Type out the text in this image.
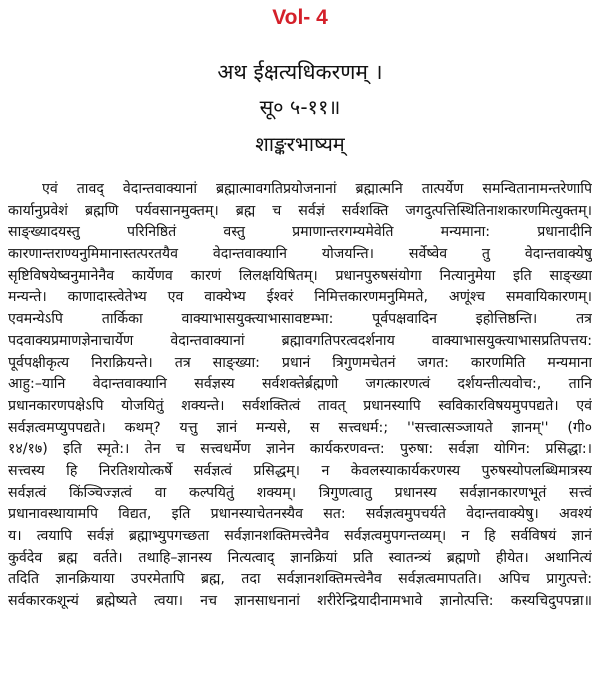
Vol- 4
अथ ईक्षत्यधिकरणम् ।
सू० ५-११॥
शाङ्करभाष्यम्
एवं तावद् वेदान्तवाक्यानां ब्रह्मात्मावगतिप्रयोजनानां ब्रह्मात्मनि तात्पर्येण समन्वितानामन्तरेणापि
कार्यानुप्रवेशं ब्रह्मणि पर्यवसानमुक्तम्। ब्रह्म च सर्वज्ञं सर्वशक्ति जगदुत्पत्तिस्थितिनाशकारणमित्युक्तम्।
साङ्ख्यादयस्तु परिनिष्ठितं वस्तु प्रमाणान्तरगम्यमेवेति मन्यमाना: प्रधानादीनि
कारणान्तराण्यनुमिमानास्तत्परतयैव वेदान्तवाक्यानि योजयन्ति। सर्वेष्वेव तु वेदान्तवाक्येषु
सृष्टिविषयेष्वनुमानेनैव कार्येणव कारणं लिलक्षयिषितम्। प्रधानपुरुषसंयोगा नित्यानुमेया इति साङ्ख्या
मन्यन्ते। काणादास्त्वेतेभ्य एव वाक्येभ्य ईश्वरं निमित्तकारणमनुमिमते, अणूंश्च समवायिकारणम्।
एवमन्येऽपि तार्किका वाक्याभासयुक्त्याभासावष्टम्भा: पूर्वपक्षवादिन इहोत्तिष्ठन्ति। तत्र
पदवाक्यप्रमाणज्ञेनाचार्येण वेदान्तवाक्यानां ब्रह्मावगतिपरत्वदर्शनाय वाक्याभासयुक्त्याभासप्रतिपत्तय:
पूर्वपक्षीकृत्य निराक्रियन्ते। तत्र साङ्ख्या: प्रधानं त्रिगुणमचेतनं जगत: कारणमिति मन्यमाना
आहु:–यानि वेदान्तवाक्यानि सर्वज्ञस्य सर्वशक्तेर्ब्रह्मणो जगत्कारणत्वं दर्शयन्तीत्यवोच:, तानि
प्रधानकारणपक्षेऽपि योजयितुं शक्यन्ते। सर्वशक्तित्वं तावत् प्रधानस्यापि स्वविकारविषयमुपपद्यते। एवं
सर्वज्ञत्वमप्युपपद्यते। कथम्? यत्तु ज्ञानं मन्यसे, स सत्त्वधर्म:; ''सत्त्वात्सञ्जायते ज्ञानम्'' (गी०
१४/१७) इति स्मृते:। तेन च सत्त्वधर्मेण ज्ञानेन कार्यकरणवन्त: पुरुषा: सर्वज्ञा योगिन: प्रसिद्धा:।
सत्त्वस्य हि निरतिशयोत्कर्षे सर्वज्ञत्वं प्रसिद्धम्। न केवलस्याकार्यकरणस्य पुरुषस्योपलब्धिमात्रस्य
सर्वज्ञत्वं किंञ्चिज्ज्ञत्वं वा कल्पयितुं शक्यम्। त्रिगुणत्वातु प्रधानस्य सर्वज्ञानकारणभूतं सत्त्वं
प्रधानावस्थायामपि विद्यत, इति प्रधानस्याचेतनस्यैव सत: सर्वज्ञत्वमुपचर्यते वेदान्तवाक्येषु। अवश्यं
य। त्वयापि सर्वज्ञं ब्रह्माभ्युपगच्छता सर्वज्ञानशक्तिमत्त्वेनैव सर्वज्ञत्वमुपगन्तव्यम्। न हि सर्वविषयं ज्ञानं
कुर्वदेव ब्रह्म वर्तते। तथाहि–ज्ञानस्य नित्यत्वाद् ज्ञानक्रियां प्रति स्वातन्त्र्यं ब्रह्मणो हीयेत। अथानित्यं
तदिति ज्ञानक्रियाया उपरमेतापि ब्रह्म, तदा सर्वज्ञानशक्तिमत्त्वेनैव सर्वज्ञत्वमापतति। अपिच प्रागुत्पत्ते:
सर्वकारकशून्यं ब्रह्मेष्यते त्वया। नच ज्ञानसाधनानां शरीरेन्द्रियादीनामभावे ज्ञानोत्पत्ति: कस्यचिदुपपन्ना॥
